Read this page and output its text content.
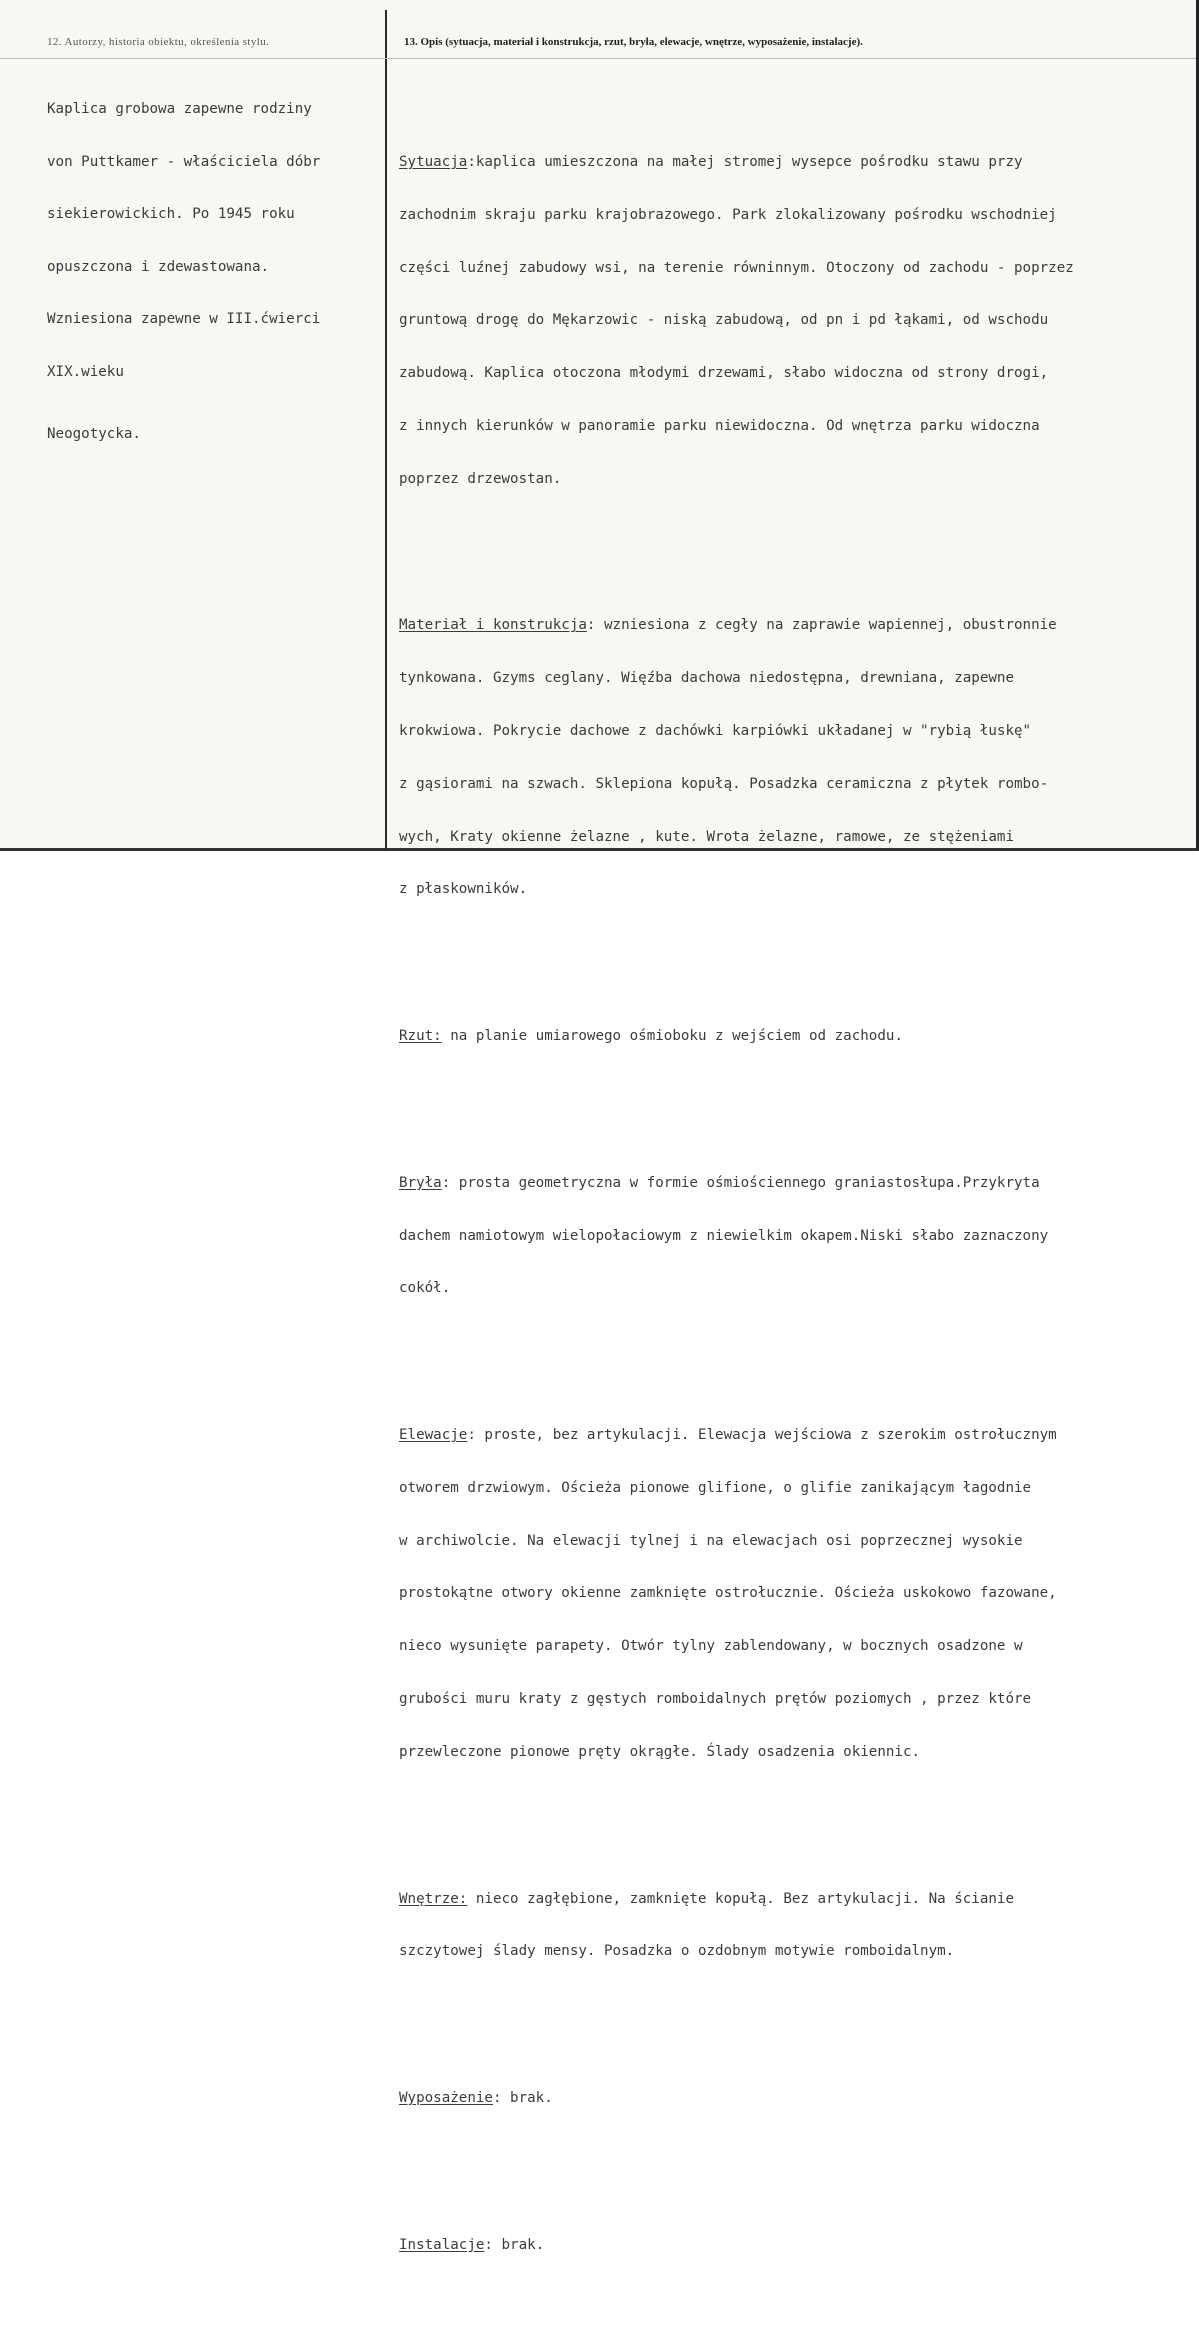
12. Autorzy, historia obiektu, określenia stylu.	13. Opis (sytuacja, materiał i konstrukcja, rzut, bryła, elewacje, wnętrze, wyposażenie, instalacje).

Kaplica grobowa zapewne rodziny

von Puttkamer - właściciela dóbr

siekierowickich. Po 1945 roku

opuszczona i zdewastowana.

Wzniesiona zapewne w III.ćwierci

XIX.wieku

Neogotycka.

Sytuacja:kaplica umieszczona na małej stromej wysepce pośrodku stawu przy

zachodnim skraju parku krajobrazowego. Park zlokalizowany pośrodku wschodniej

części luźnej zabudowy wsi, na terenie równinnym. Otoczony od zachodu - poprzez

gruntową drogę do Mękarzowic - niską zabudową, od pn i pd łąkami, od wschodu

zabudową. Kaplica otoczona młodymi drzewami, słabo widoczna od strony drogi,

z innych kierunków w panoramie parku niewidoczna. Od wnętrza parku widoczna

poprzez drzewostan.

Materiał i konstrukcja: wzniesiona z cegły na zaprawie wapiennej, obustronnie

tynkowana. Gzyms ceglany. Więźba dachowa niedostępna, drewniana, zapewne

krokwiowa. Pokrycie dachowe z dachówki karpiówki układanej w "rybią łuskę"

z gąsiorami na szwach. Sklepiona kopułą. Posadzka ceramiczna z płytek rombo-

wych, Kraty okienne żelazne , kute. Wrota żelazne, ramowe, ze stężeniami

z płaskowników.

Rzut: na planie umiarowego ośmioboku z wejściem od zachodu.

Bryła: prosta geometryczna w formie ośmiościennego graniastosłupa.Przykryta

dachem namiotowym wielopołaciowym z niewielkim okapem.Niski słabo zaznaczony

cokół.

Elewacje: proste, bez artykulacji. Elewacja wejściowa z szerokim ostrołucznym

otworem drzwiowym. Ościeża pionowe glifione, o glifie zanikającym łagodnie

w archiwolcie. Na elewacji tylnej i na elewacjach osi poprzecznej wysokie

prostokątne otwory okienne zamknięte ostrołucznie. Ościeża uskokowo fazowane,

nieco wysunięte parapety. Otwór tylny zablendowany, w bocznych osadzone w

grubości muru kraty z gęstych romboidalnych prętów poziomych , przez które

przewleczone pionowe pręty okrągłe. Ślady osadzenia okiennic.

Wnętrze: nieco zagłębione, zamknięte kopułą. Bez artykulacji. Na ścianie

szczytowej ślady mensy. Posadzka o ozdobnym motywie romboidalnym.

Wyposażenie: brak.

Instalacje: brak.
